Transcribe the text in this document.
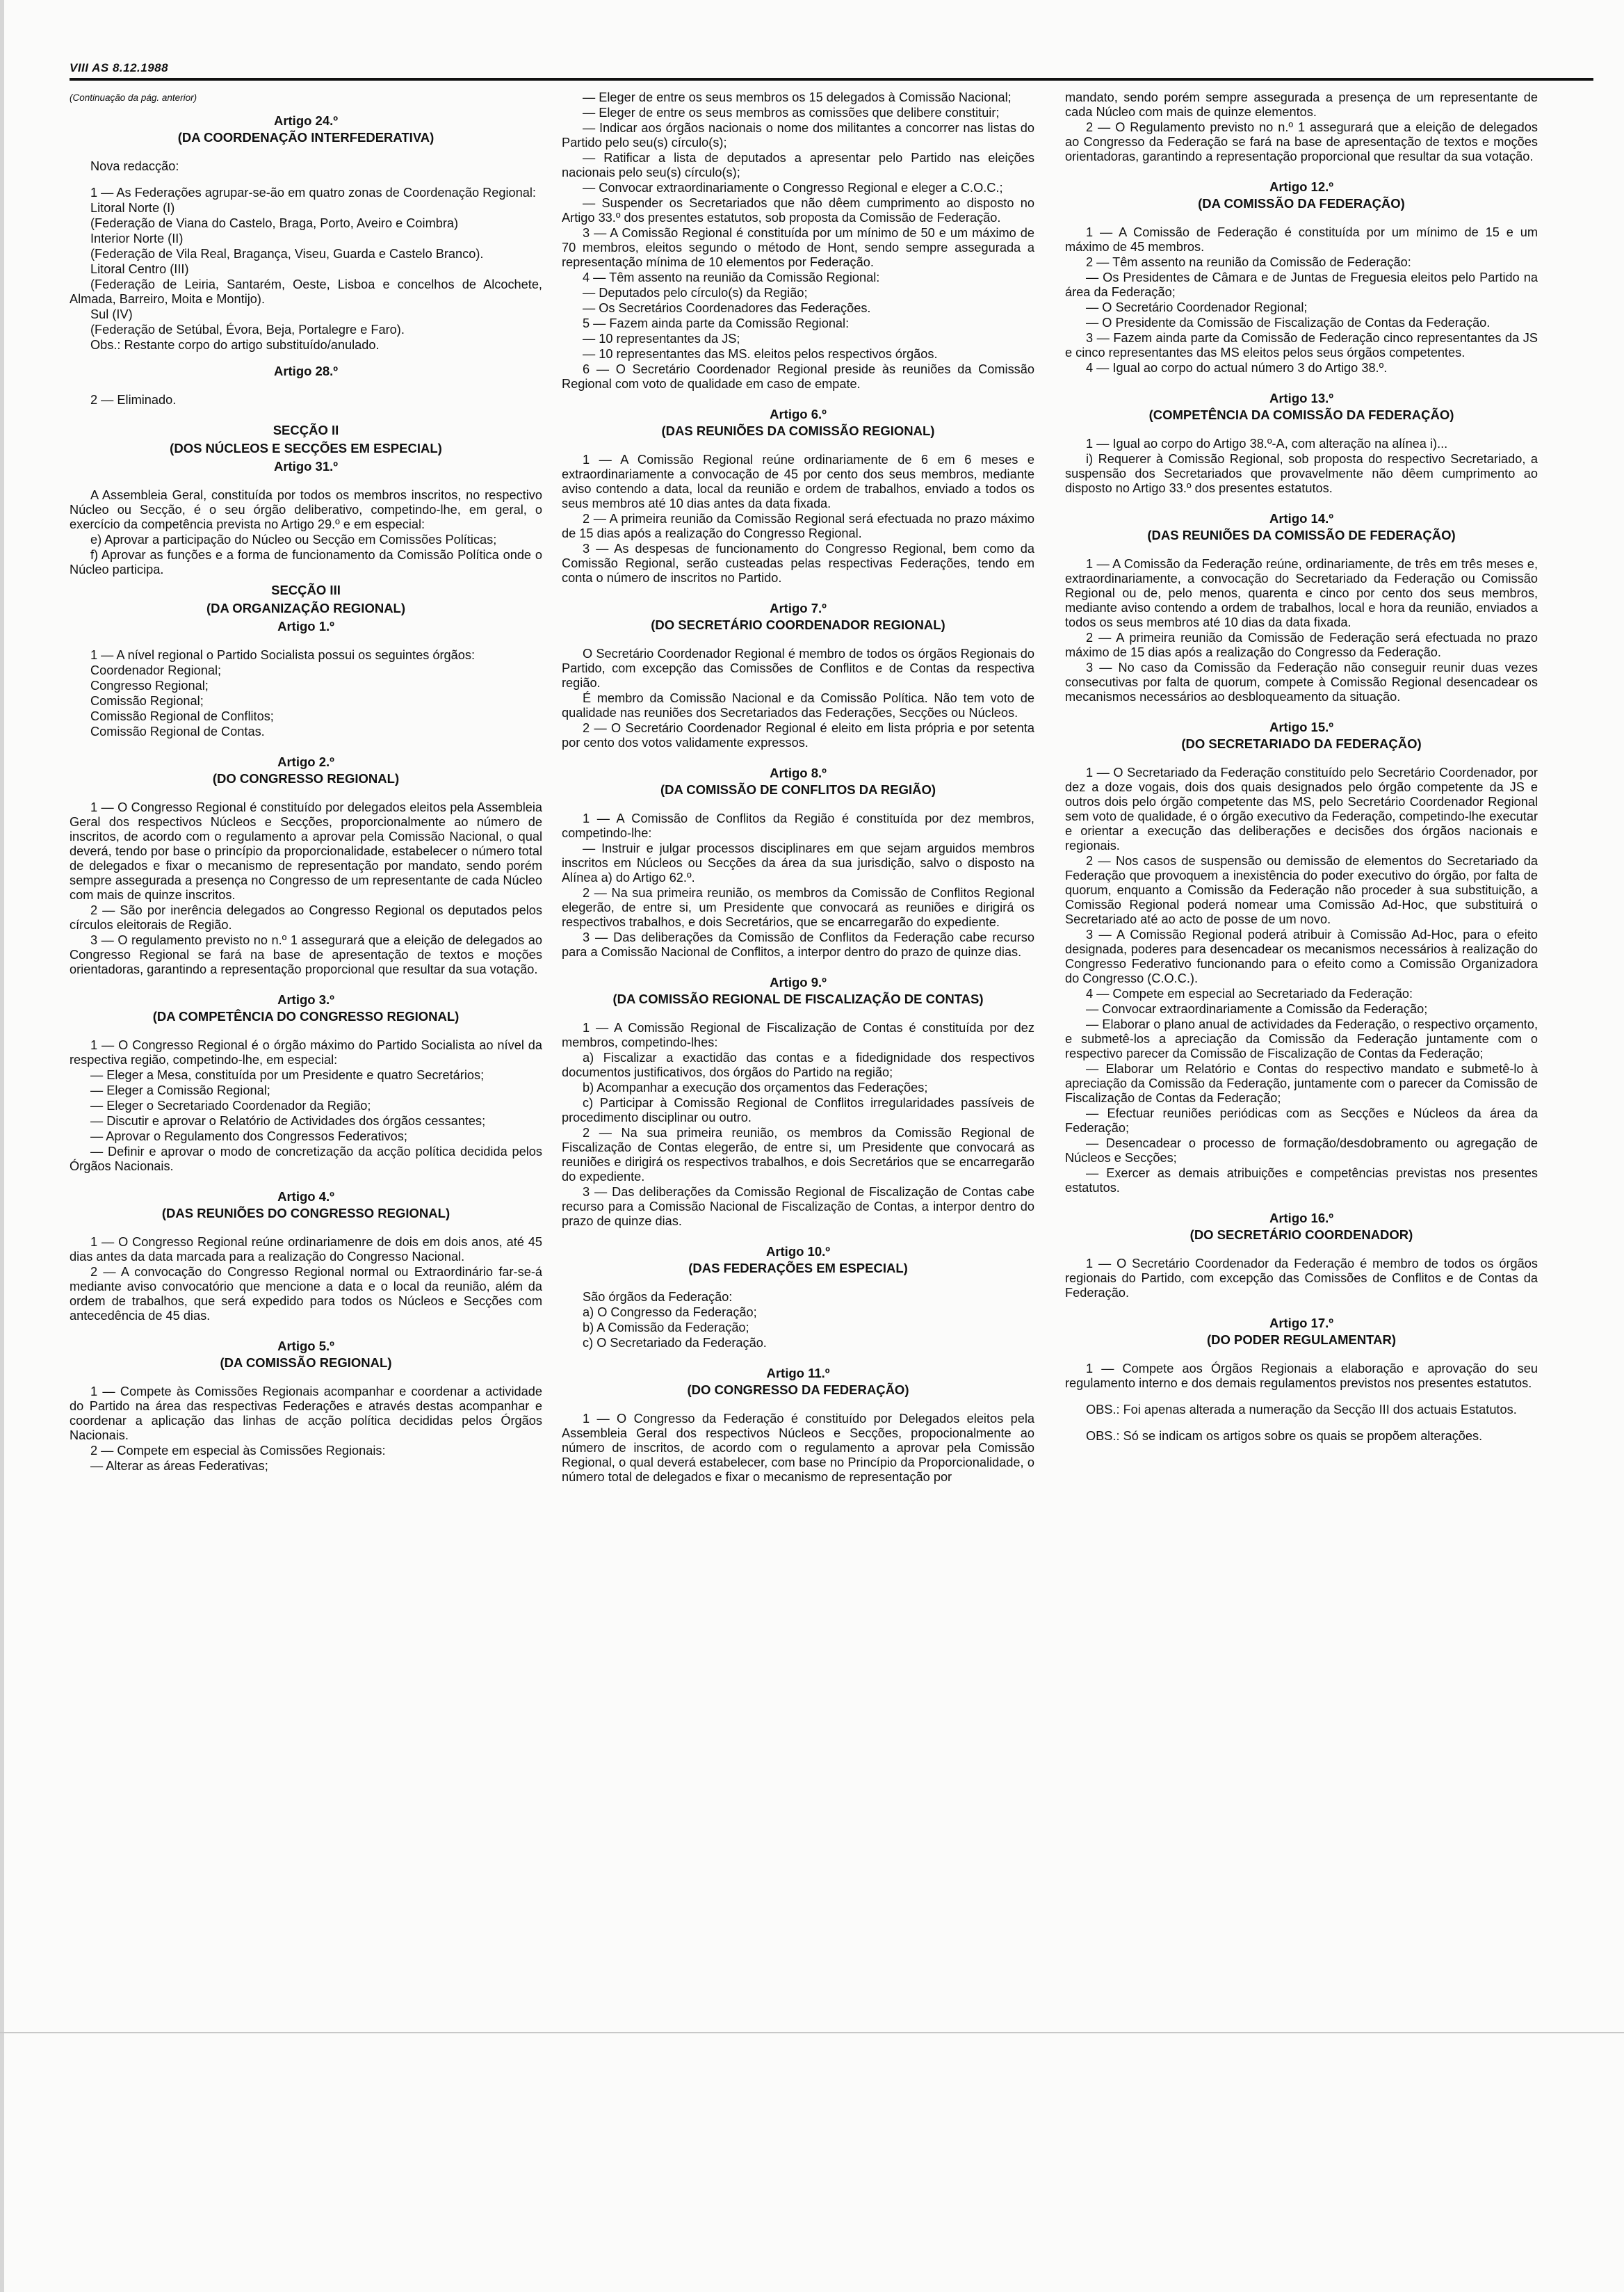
VIII AS 8.12.1988

(Continuação da pág. anterior)

Artigo 24.º
(DA COORDENAÇÃO INTERFEDERATIVA)

Nova redacção:

1 — As Federações agrupar-se-ão em quatro zonas de Coordenação Regional:

Litoral Norte (I)

(Federação de Viana do Castelo, Braga, Porto, Aveiro e Coimbra)

Interior Norte (II)

(Federação de Vila Real, Bragança, Viseu, Guarda e Castelo Branco).

Litoral Centro (III)

(Federação de Leiria, Santarém, Oeste, Lisboa e concelhos de Alcochete, Almada, Barreiro, Moita e Montijo).

Sul (IV)

(Federação de Setúbal, Évora, Beja, Portalegre e Faro).

Obs.: Restante corpo do artigo substituído/anulado.

Artigo 28.º

2 — Eliminado.

SECÇÃO II
(DOS NÚCLEOS E SECÇÕES EM ESPECIAL)
Artigo 31.º

A Assembleia Geral, constituída por todos os membros inscritos, no respectivo Núcleo ou Secção, é o seu órgão deliberativo, competindo-lhe, em geral, o exercício da competência prevista no Artigo 29.º e em especial:

e) Aprovar a participação do Núcleo ou Secção em Comissões Políticas;

f) Aprovar as funções e a forma de funcionamento da Comissão Política onde o Núcleo participa.

SECÇÃO III
(DA ORGANIZAÇÃO REGIONAL)
Artigo 1.º

1 — A nível regional o Partido Socialista possui os seguintes órgãos:

Coordenador Regional;

Congresso Regional;

Comissão Regional;

Comissão Regional de Conflitos;

Comissão Regional de Contas.

Artigo 2.º
(DO CONGRESSO REGIONAL)

1 — O Congresso Regional é constituído por delegados eleitos pela Assembleia Geral dos respectivos Núcleos e Secções, proporcionalmente ao número de inscritos, de acordo com o regulamento a aprovar pela Comissão Nacional, o qual deverá, tendo por base o princípio da proporcionalidade, estabelecer o número total de delegados e fixar o mecanismo de representação por mandato, sendo porém sempre assegurada a presença no Congresso de um representante de cada Núcleo com mais de quinze inscritos.

2 — São por inerência delegados ao Congresso Regional os deputados pelos círculos eleitorais de Região.

3 — O regulamento previsto no n.º 1 assegurará que a eleição de delegados ao Congresso Regional se fará na base de apresentação de textos e moções orientadoras, garantindo a representação proporcional que resultar da sua votação.

Artigo 3.º
(DA COMPETÊNCIA DO CONGRESSO REGIONAL)

1 — O Congresso Regional é o órgão máximo do Partido Socialista ao nível da respectiva região, competindo-lhe, em especial:

— Eleger a Mesa, constituída por um Presidente e quatro Secretários;

— Eleger a Comissão Regional;

— Eleger o Secretariado Coordenador da Região;

— Discutir e aprovar o Relatório de Actividades dos órgãos cessantes;

— Aprovar o Regulamento dos Congressos Federativos;

— Definir e aprovar o modo de concretização da acção política decidida pelos Órgãos Nacionais.

Artigo 4.º
(DAS REUNIÕES DO CONGRESSO REGIONAL)

1 — O Congresso Regional reúne ordinariamenre de dois em dois anos, até 45 dias antes da data marcada para a realização do Congresso Nacional.

2 — A convocação do Congresso Regional normal ou Extraordinário far-se-á mediante aviso convocatório que mencione a data e o local da reunião, além da ordem de trabalhos, que será expedido para todos os Núcleos e Secções com antecedência de 45 dias.

Artigo 5.º
(DA COMISSÃO REGIONAL)

1 — Compete às Comissões Regionais acompanhar e coordenar a actividade do Partido na área das respectivas Federações e através destas acompanhar e coordenar a aplicação das linhas de acção política decididas pelos Órgãos Nacionais.

2 — Compete em especial às Comissões Regionais:

— Alterar as áreas Federativas;

— Eleger de entre os seus membros os 15 delegados à Comissão Nacional;

— Eleger de entre os seus membros as comissões que delibere constituir;

— Indicar aos órgãos nacionais o nome dos militantes a concorrer nas listas do Partido pelo seu(s) círculo(s);

— Ratificar a lista de deputados a apresentar pelo Partido nas eleições nacionais pelo seu(s) círculo(s);

— Convocar extraordinariamente o Congresso Regional e eleger a C.O.C.;

— Suspender os Secretariados que não dêem cumprimento ao disposto no Artigo 33.º dos presentes estatutos, sob proposta da Comissão de Federação.

3 — A Comissão Regional é constituída por um mínimo de 50 e um máximo de 70 membros, eleitos segundo o método de Hont, sendo sempre assegurada a representação mínima de 10 elementos por Federação.

4 — Têm assento na reunião da Comissão Regional:

— Deputados pelo círculo(s) da Região;

— Os Secretários Coordenadores das Federações.

5 — Fazem ainda parte da Comissão Regional:

— 10 representantes da JS;

— 10 representantes das MS. eleitos pelos respectivos órgãos.

6 — O Secretário Coordenador Regional preside às reuniões da Comissão Regional com voto de qualidade em caso de empate.

Artigo 6.º
(DAS REUNIÕES DA COMISSÃO REGIONAL)

1 — A Comissão Regional reúne ordinariamente de 6 em 6 meses e extraordinariamente a convocação de 45 por cento dos seus membros, mediante aviso contendo a data, local da reunião e ordem de trabalhos, enviado a todos os seus membros até 10 dias antes da data fixada.

2 — A primeira reunião da Comissão Regional será efectuada no prazo máximo de 15 dias após a realização do Congresso Regional.

3 — As despesas de funcionamento do Congresso Regional, bem como da Comissão Regional, serão custeadas pelas respectivas Federações, tendo em conta o número de inscritos no Partido.

Artigo 7.º
(DO SECRETÁRIO COORDENADOR REGIONAL)

O Secretário Coordenador Regional é membro de todos os órgãos Regionais do Partido, com excepção das Comissões de Conflitos e de Contas da respectiva região.

É membro da Comissão Nacional e da Comissão Política. Não tem voto de qualidade nas reuniões dos Secretariados das Federações, Secções ou Núcleos.

2 — O Secretário Coordenador Regional é eleito em lista própria e por setenta por cento dos votos validamente expressos.

Artigo 8.º
(DA COMISSÃO DE CONFLITOS DA REGIÃO)

1 — A Comissão de Conflitos da Região é constituída por dez membros, competindo-lhe:

— Instruir e julgar processos disciplinares em que sejam arguidos membros inscritos em Núcleos ou Secções da área da sua jurisdição, salvo o disposto na Alínea a) do Artigo 62.º.

2 — Na sua primeira reunião, os membros da Comissão de Conflitos Regional elegerão, de entre si, um Presidente que convocará as reuniões e dirigirá os respectivos trabalhos, e dois Secretários, que se encarregarão do expediente.

3 — Das deliberações da Comissão de Conflitos da Federação cabe recurso para a Comissão Nacional de Conflitos, a interpor dentro do prazo de quinze dias.

Artigo 9.º
(DA COMISSÃO REGIONAL DE FISCALIZAÇÃO DE CONTAS)

1 — A Comissão Regional de Fiscalização de Contas é constituída por dez membros, competindo-lhes:

a) Fiscalizar a exactidão das contas e a fidedignidade dos respectivos documentos justificativos, dos órgãos do Partido na região;

b) Acompanhar a execução dos orçamentos das Federações;

c) Participar à Comissão Regional de Conflitos irregularidades passíveis de procedimento disciplinar ou outro.

2 — Na sua primeira reunião, os membros da Comissão Regional de Fiscalização de Contas elegerão, de entre si, um Presidente que convocará as reuniões e dirigirá os respectivos trabalhos, e dois Secretários que se encarregarão do expediente.

3 — Das deliberações da Comissão Regional de Fiscalização de Contas cabe recurso para a Comissão Nacional de Fiscalização de Contas, a interpor dentro do prazo de quinze dias.

Artigo 10.º
(DAS FEDERAÇÕES EM ESPECIAL)

São órgãos da Federação:

a) O Congresso da Federação;

b) A Comissão da Federação;

c) O Secretariado da Federação.

Artigo 11.º
(DO CONGRESSO DA FEDERAÇÃO)

1 — O Congresso da Federação é constituído por Delegados eleitos pela Assembleia Geral dos respectivos Núcleos e Secções, propocionalmente ao número de inscritos, de acordo com o regulamento a aprovar pela Comissão Regional, o qual deverá estabelecer, com base no Princípio da Proporcionalidade, o número total de delegados e fixar o mecanismo de representação por

mandato, sendo porém sempre assegurada a presença de um representante de cada Núcleo com mais de quinze elementos.

2 — O Regulamento previsto no n.º 1 assegurará que a eleição de delegados ao Congresso da Federação se fará na base de apresentação de textos e moções orientadoras, garantindo a representação proporcional que resultar da sua votação.

Artigo 12.º
(DA COMISSÃO DA FEDERAÇÃO)

1 — A Comissão de Federação é constituída por um mínimo de 15 e um máximo de 45 membros.

2 — Têm assento na reunião da Comissão de Federação:

— Os Presidentes de Câmara e de Juntas de Freguesia eleitos pelo Partido na área da Federação;

— O Secretário Coordenador Regional;

— O Presidente da Comissão de Fiscalização de Contas da Federação.

3 — Fazem ainda parte da Comissão de Federação cinco representantes da JS e cinco representantes das MS eleitos pelos seus órgãos competentes.

4 — Igual ao corpo do actual número 3 do Artigo 38.º.

Artigo 13.º
(COMPETÊNCIA DA COMISSÃO DA FEDERAÇÃO)

1 — Igual ao corpo do Artigo 38.º-A, com alteração na alínea i)...

i) Requerer à Comissão Regional, sob proposta do respectivo Secretariado, a suspensão dos Secretariados que provavelmente não dêem cumprimento ao disposto no Artigo 33.º dos presentes estatutos.

Artigo 14.º
(DAS REUNIÕES DA COMISSÃO DE FEDERAÇÃO)

1 — A Comissão da Federação reúne, ordinariamente, de três em três meses e, extraordinariamente, a convocação do Secretariado da Federação ou Comissão Regional ou de, pelo menos, quarenta e cinco por cento dos seus membros, mediante aviso contendo a ordem de trabalhos, local e hora da reunião, enviados a todos os seus membros até 10 dias da data fixada.

2 — A primeira reunião da Comissão de Federação será efectuada no prazo máximo de 15 dias após a realização do Congresso da Federação.

3 — No caso da Comissão da Federação não conseguir reunir duas vezes consecutivas por falta de quorum, compete à Comissão Regional desencadear os mecanismos necessários ao desbloqueamento da situação.

Artigo 15.º
(DO SECRETARIADO DA FEDERAÇÃO)

1 — O Secretariado da Federação constituído pelo Secretário Coordenador, por dez a doze vogais, dois dos quais designados pelo órgão competente da JS e outros dois pelo órgão competente das MS, pelo Secretário Coordenador Regional sem voto de qualidade, é o órgão executivo da Federação, competindo-lhe executar e orientar a execução das deliberações e decisões dos órgãos nacionais e regionais.

2 — Nos casos de suspensão ou demissão de elementos do Secretariado da Federação que provoquem a inexistência do poder executivo do órgão, por falta de quorum, enquanto a Comissão da Federação não proceder à sua substituição, a Comissão Regional poderá nomear uma Comissão Ad-Hoc, que substituirá o Secretariado até ao acto de posse de um novo.

3 — A Comissão Regional poderá atribuir à Comissão Ad-Hoc, para o efeito designada, poderes para desencadear os mecanismos necessários à realização do Congresso Federativo funcionando para o efeito como a Comissão Organizadora do Congresso (C.O.C.).

4 — Compete em especial ao Secretariado da Federação:

— Convocar extraordinariamente a Comissão da Federação;

— Elaborar o plano anual de actividades da Federação, o respectivo orçamento, e submetê-los a apreciação da Comissão da Federação juntamente com o respectivo parecer da Comissão de Fiscalização de Contas da Federação;

— Elaborar um Relatório e Contas do respectivo mandato e submetê-lo à apreciação da Comissão da Federação, juntamente com o parecer da Comissão de Fiscalização de Contas da Federação;

— Efectuar reuniões periódicas com as Secções e Núcleos da área da Federação;

— Desencadear o processo de formação/desdobramento ou agregação de Núcleos e Secções;

— Exercer as demais atribuições e competências previstas nos presentes estatutos.

Artigo 16.º
(DO SECRETÁRIO COORDENADOR)

1 — O Secretário Coordenador da Federação é membro de todos os órgãos regionais do Partido, com excepção das Comissões de Conflitos e de Contas da Federação.

Artigo 17.º
(DO PODER REGULAMENTAR)

1 — Compete aos Órgãos Regionais a elaboração e aprovação do seu regulamento interno e dos demais regulamentos previstos nos presentes estatutos.

OBS.: Foi apenas alterada a numeração da Secção III dos actuais Estatutos.

OBS.: Só se indicam os artigos sobre os quais se propõem alterações.
